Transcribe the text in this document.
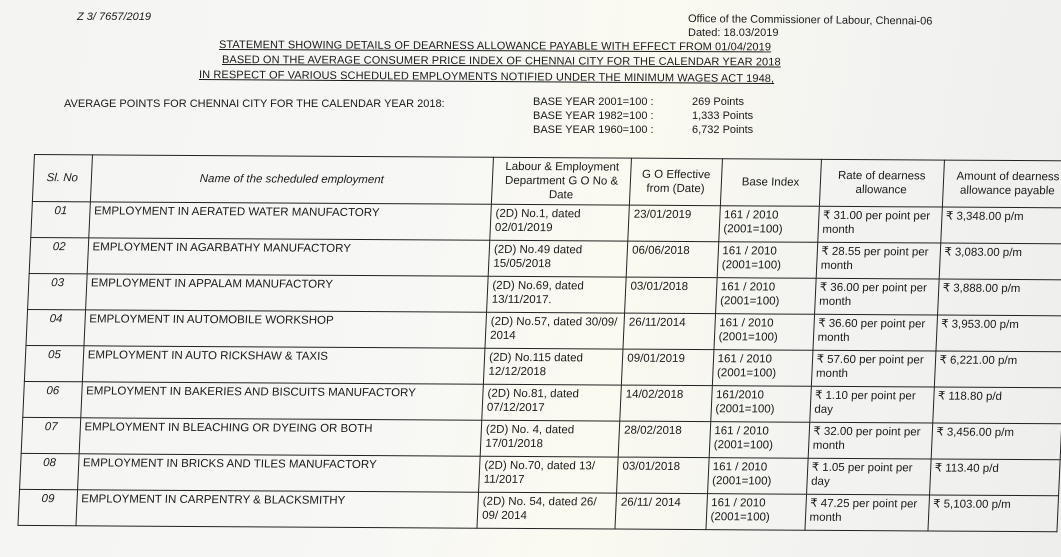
Z 3/ 7657/2019	Office of the Commissioner of Labour, Chennai-06
Dated: 18.03/2019
STATEMENT SHOWING DETAILS OF DEARNESS ALLOWANCE PAYABLE WITH EFFECT FROM 01/04/2019
BASED ON THE AVERAGE CONSUMER PRICE INDEX OF CHENNAI CITY FOR THE CALENDAR YEAR 2018
IN RESPECT OF VARIOUS SCHEDULED EMPLOYMENTS NOTIFIED UNDER THE MINIMUM WAGES ACT 1948,
AVERAGE POINTS FOR CHENNAI CITY FOR THE CALENDAR YEAR 2018:	BASE YEAR 2001=100 :	269 Points
BASE YEAR 1982=100 :	1,333 Points
BASE YEAR 1960=100 :	6,732 Points
Sl. No	Name of the scheduled employment	Labour & Employment Department G O No & Date	G O Effective from (Date)	Base Index	Rate of dearness allowance	Amount of dearness allowance payable
01	EMPLOYMENT IN AERATED WATER MANUFACTORY	(2D) No.1, dated 02/01/2019	23/01/2019	161 / 2010 (2001=100)	₹ 31.00 per point per month	₹ 3,348.00 p/m
02	EMPLOYMENT IN AGARBATHY MANUFACTORY	(2D) No.49 dated 15/05/2018	06/06/2018	161 / 2010 (2001=100)	₹ 28.55 per point per month	₹ 3,083.00 p/m
03	EMPLOYMENT IN APPALAM MANUFACTORY	(2D) No.69, dated 13/11/2017.	03/01/2018	161 / 2010 (2001=100)	₹ 36.00 per point per month	₹ 3,888.00 p/m
04	EMPLOYMENT IN AUTOMOBILE WORKSHOP	(2D) No.57, dated 30/09/ 2014	26/11/2014	161 / 2010 (2001=100)	₹ 36.60 per point per month	₹ 3,953.00 p/m
05	EMPLOYMENT IN AUTO RICKSHAW & TAXIS	(2D) No.115 dated 12/12/2018	09/01/2019	161 / 2010 (2001=100)	₹ 57.60 per point per month	₹ 6,221.00 p/m
06	EMPLOYMENT IN BAKERIES AND BISCUITS MANUFACTORY	(2D) No.81, dated 07/12/2017	14/02/2018	161/2010 (2001=100)	₹ 1.10 per point per day	₹ 118.80 p/d
07	EMPLOYMENT IN BLEACHING OR DYEING OR BOTH	(2D) No. 4, dated 17/01/2018	28/02/2018	161 / 2010 (2001=100)	₹ 32.00 per point per month	₹ 3,456.00 p/m
08	EMPLOYMENT IN BRICKS AND TILES MANUFACTORY	(2D) No.70, dated 13/ 11/2017	03/01/2018	161 / 2010 (2001=100)	₹ 1.05 per point per day	₹ 113.40 p/d
09	EMPLOYMENT IN CARPENTRY & BLACKSMITHY	(2D) No. 54, dated 26/ 09/ 2014	26/11/ 2014	161 / 2010 (2001=100)	₹ 47.25 per point per month	₹ 5,103.00 p/m
